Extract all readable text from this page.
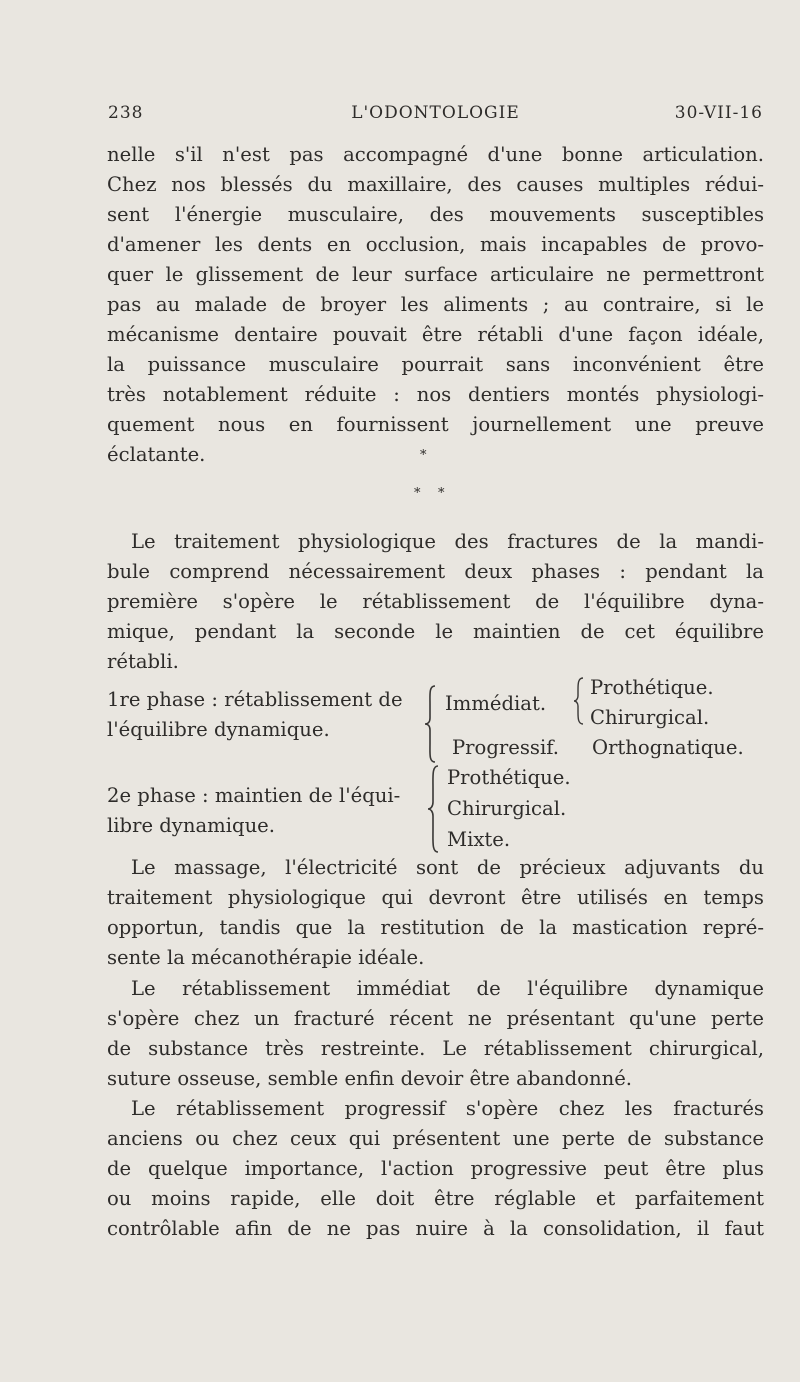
238	L'ODONTOLOGIE	30-VII-16
nelle s'il n'est pas accompagné d'une bonne articulation.
Chez nos blessés du maxillaire, des causes multiples rédui-
sent l'énergie musculaire, des mouvements susceptibles
d'amener les dents en occlusion, mais incapables de provo-
quer le glissement de leur surface articulaire ne permettront
pas au malade de broyer les aliments ; au contraire, si le
mécanisme dentaire pouvait être rétabli d'une façon idéale,
la puissance musculaire pourrait sans inconvénient être
très notablement réduite : nos dentiers montés physiologi-
quement nous en fournissent journellement une preuve
éclatante.	*
* *
Le traitement physiologique des fractures de la mandi-
bule comprend nécessairement deux phases : pendant la
première s'opère le rétablissement de l'équilibre dyna-
mique, pendant la seconde le maintien de cet équilibre
rétabli.
1re phase : rétablissement de
l'équilibre dynamique.
Immédiat.
Prothétique.
Chirurgical.
Progressif. Orthognatique.
2e phase : maintien de l'équi-
libre dynamique.
Prothétique.
Chirurgical.
Mixte.
Le massage, l'électricité sont de précieux adjuvants du
traitement physiologique qui devront être utilisés en temps
opportun, tandis que la restitution de la mastication repré-
sente la mécanothérapie idéale.
Le rétablissement immédiat de l'équilibre dynamique
s'opère chez un fracturé récent ne présentant qu'une perte
de substance très restreinte. Le rétablissement chirurgical,
suture osseuse, semble enfin devoir être abandonné.
Le rétablissement progressif s'opère chez les fracturés
anciens ou chez ceux qui présentent une perte de substance
de quelque importance, l'action progressive peut être plus
ou moins rapide, elle doit être réglable et parfaitement
contrôlable afin de ne pas nuire à la consolidation, il faut
